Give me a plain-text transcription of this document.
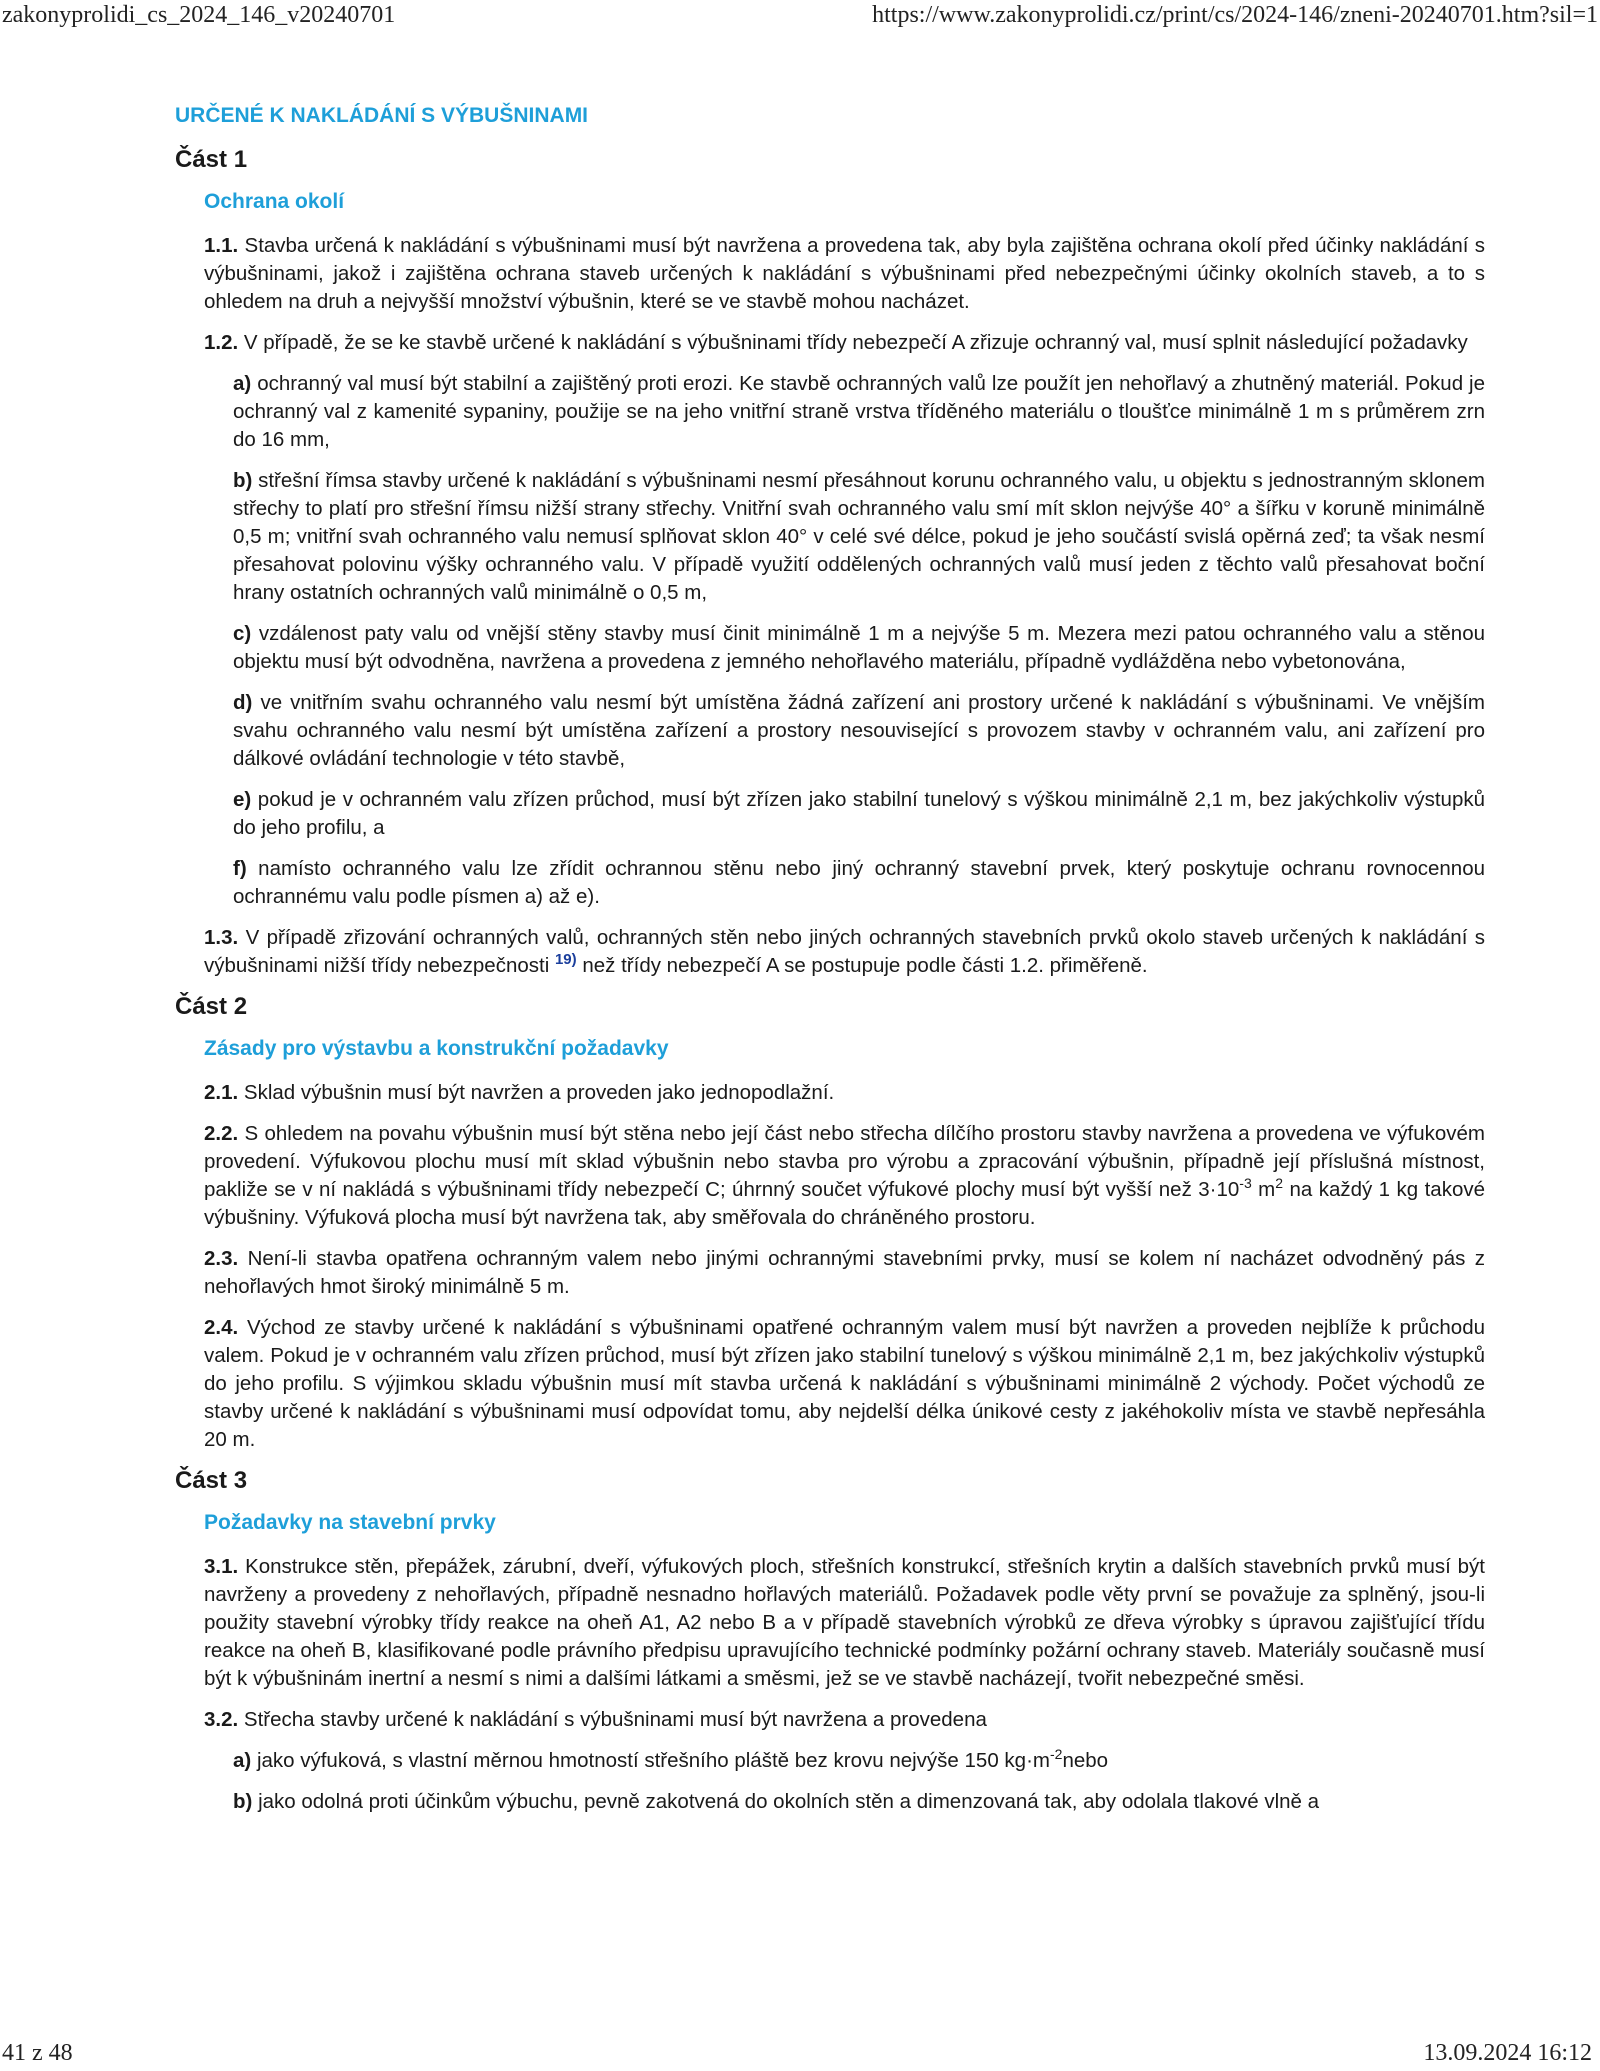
zakonyprolidi_cs_2024_146_v20240701	https://www.zakonyprolidi.cz/print/cs/2024-146/zneni-20240701.htm?sil=1
URČENÉ K NAKLÁDÁNÍ S VÝBUŠNINAMI
Část 1
Ochrana okolí
1.1. Stavba určená k nakládání s výbušninami musí být navržena a provedena tak, aby byla zajištěna ochrana okolí před účinky nakládání s výbušninami, jakož i zajištěna ochrana staveb určených k nakládání s výbušninami před nebezpečnými účinky okolních staveb, a to s ohledem na druh a nejvyšší množství výbušnin, které se ve stavbě mohou nacházet.
1.2. V případě, že se ke stavbě určené k nakládání s výbušninami třídy nebezpečí A zřizuje ochranný val, musí splnit následující požadavky
a) ochranný val musí být stabilní a zajištěný proti erozi. Ke stavbě ochranných valů lze použít jen nehořlavý a zhutněný materiál. Pokud je ochranný val z kamenité sypaniny, použije se na jeho vnitřní straně vrstva tříděného materiálu o tloušťce minimálně 1 m s průměrem zrn do 16 mm,
b) střešní římsa stavby určené k nakládání s výbušninami nesmí přesáhnout korunu ochranného valu, u objektu s jednostranným sklonem střechy to platí pro střešní římsu nižší strany střechy. Vnitřní svah ochranného valu smí mít sklon nejvýše 40° a šířku v koruně minimálně 0,5 m; vnitřní svah ochranného valu nemusí splňovat sklon 40° v celé své délce, pokud je jeho součástí svislá opěrná zeď; ta však nesmí přesahovat polovinu výšky ochranného valu. V případě využití oddělených ochranných valů musí jeden z těchto valů přesahovat boční hrany ostatních ochranných valů minimálně o 0,5 m,
c) vzdálenost paty valu od vnější stěny stavby musí činit minimálně 1 m a nejvýše 5 m. Mezera mezi patou ochranného valu a stěnou objektu musí být odvodněna, navržena a provedena z jemného nehořlavého materiálu, případně vydlážděna nebo vybetonována,
d) ve vnitřním svahu ochranného valu nesmí být umístěna žádná zařízení ani prostory určené k nakládání s výbušninami. Ve vnějším svahu ochranného valu nesmí být umístěna zařízení a prostory nesouvisející s provozem stavby v ochranném valu, ani zařízení pro dálkové ovládání technologie v této stavbě,
e) pokud je v ochranném valu zřízen průchod, musí být zřízen jako stabilní tunelový s výškou minimálně 2,1 m, bez jakýchkoliv výstupků do jeho profilu, a
f) namísto ochranného valu lze zřídit ochrannou stěnu nebo jiný ochranný stavební prvek, který poskytuje ochranu rovnocennou ochrannému valu podle písmen a) až e).
1.3. V případě zřizování ochranných valů, ochranných stěn nebo jiných ochranných stavebních prvků okolo staveb určených k nakládání s výbušninami nižší třídy nebezpečnosti $^{19)}$ než třídy nebezpečí A se postupuje podle části 1.2. přiměřeně.
Část 2
Zásady pro výstavbu a konstrukční požadavky
2.1. Sklad výbušnin musí být navržen a proveden jako jednopodlažní.
2.2. S ohledem na povahu výbušnin musí být stěna nebo její část nebo střecha dílčího prostoru stavby navržena a provedena ve výfukovém provedení. Výfukovou plochu musí mít sklad výbušnin nebo stavba pro výrobu a zpracování výbušnin, případně její příslušná místnost, pakliže se v ní nakládá s výbušninami třídy nebezpečí C; úhrnný součet výfukové plochy musí být vyšší než $3\cdot 10^{-3}$ $m^2$ na každý 1 kg takové výbušniny. Výfuková plocha musí být navržena tak, aby směřovala do chráněného prostoru.
2.3. Není-li stavba opatřena ochranným valem nebo jinými ochrannými stavebními prvky, musí se kolem ní nacházet odvodněný pás z nehořlavých hmot široký minimálně 5 m.
2.4. Východ ze stavby určené k nakládání s výbušninami opatřené ochranným valem musí být navržen a proveden nejblíže k průchodu valem. Pokud je v ochranném valu zřízen průchod, musí být zřízen jako stabilní tunelový s výškou minimálně 2,1 m, bez jakýchkoliv výstupků do jeho profilu. S výjimkou skladu výbušnin musí mít stavba určená k nakládání s výbušninami minimálně 2 východy. Počet východů ze stavby určené k nakládání s výbušninami musí odpovídat tomu, aby nejdelší délka únikové cesty z jakéhokoliv místa ve stavbě nepřesáhla 20 m.
Část 3
Požadavky na stavební prvky
3.1. Konstrukce stěn, přepážek, zárubní, dveří, výfukových ploch, střešních konstrukcí, střešních krytin a dalších stavebních prvků musí být navrženy a provedeny z nehořlavých, případně nesnadno hořlavých materiálů. Požadavek podle věty první se považuje za splněný, jsou-li použity stavební výrobky třídy reakce na oheň A1, A2 nebo B a v případě stavebních výrobků ze dřeva výrobky s úpravou zajišťující třídu reakce na oheň B, klasifikované podle právního předpisu upravujícího technické podmínky požární ochrany staveb. Materiály současně musí být k výbušninám inertní a nesmí s nimi a dalšími látkami a směsmi, jež se ve stavbě nacházejí, tvořit nebezpečné směsi.
3.2. Střecha stavby určené k nakládání s výbušninami musí být navržena a provedena
a) jako výfuková, s vlastní měrnou hmotností střešního pláště bez krovu nejvýše 150 $kg\cdot m^{-2}nebo$
b) jako odolná proti účinkům výbuchu, pevně zakotvená do okolních stěn a dimenzovaná tak, aby odolala tlakové vlně a
41 z 48	13.09.2024 16:12
